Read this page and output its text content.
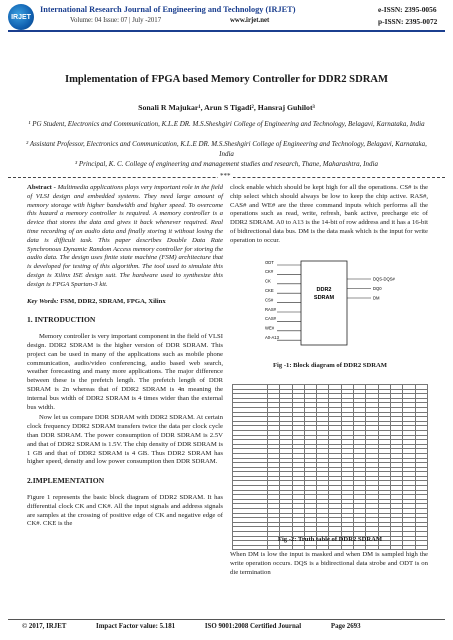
IRJET
International Research Journal of Engineering and Technology (IRJET)	e-ISSN: 2395-0056
Volume: 04 Issue: 07 | July -2017	www.irjet.net	p-ISSN: 2395-0072
Implementation of FPGA based Memory Controller for DDR2 SDRAM
Sonali R Majukar¹, Arun S Tigadi², Hansraj Guhilot³
¹ PG Student, Electronics and Communication, K.L.E DR. M.S.Sheshgiri College of Engineering and Technology, Belagavi, Karnataka, India
² Assistant Professor, Electronics and Communication, K.L.E DR. M.S.Sheshgiri College of Engineering and Technology, Belagavi, Karnataka, India
³ Principal, K. C. College of engineering and management studies and research, Thane, Maharashtra, India
***

Abstract - Multimedia applications plays very important role in the field of VLSI design and embedded systems. They need large amount of memory storage with higher bandwidth and higher speed. To overcome this hazard a memory controller is required. A memory controller is a device that stores the data and gives it back whenever required. Real time recording of an audio data and finally storing it without losing the data is difficult task. This paper describes Double Data Rate Synchronous Dynamic Random Access memory controller for storing the audio data. The design uses finite state machine (FSM) architecture that is developed for testing of this algorithm. The tool used to simulate this design is Xilinx ISE design suit. The hardware used to synthesize this design is FPGA Spartan-3 kit.

Key Words: FSM, DDR2, SDRAM, FPGA, Xilinx

1. INTRODUCTION

Memory controller is very important component in the field of VLSI design. DDR2 SDRAM is the higher version of DDR SDRAM. This project can be used in many of the applications such as mobile phone communication, audio/video conferencing, audio based web search, weather forecasting and many more applications. The major difference between these is the prefetch length. The prefetch length of DDR SDRAM is 2n whereas that of DDR2 SDRAM is 4n meaning the internal bus width of DDR2 SDRAM is 4 times wider than the external bus width.

Now let us compare DDR SDRAM with DDR2 SDRAM. At certain clock frequency DDR2 SDRAM transfers twice the data per clock cycle than DDR SDRAM. The power consumption of DDR SDRAM is 2.5V and that of DDR2 SDRAM is 1.5V. The chip density of DDR SDRAM is 1 GB and that of DDR2 SDRAM is 4 GB. Thus DDR2 SDRAM has higher speed, density and low power consumption then DDR SDRAM.

2.IMPLEMENTATION

Figure 1 represents the basic block diagram of DDR2 SDRAM. It has differential clock CK and CK#. All the input signals and address signals are samples at the crossing of positive edge of CK and negative edge of CK#. CKE is the

clock enable which should be kept high for all the operations. CS# is the chip select which should always be low to keep the chip active. RAS#, CAS# and WE# are the three command inputs which performs all the operations such as read, write, refresh, bank active, precharge etc of DDR2 SDRAM. A0 to A13 is the 14-bit of row address and it has a 16-bit of bidirectional data bus. DM is the data mask which is the input for write operation to occur.
DDR2
SDRAM
ODT
CK#
CK
CKE
CS#
RAS#
CAS#
WE#
A0-A13
DQS-DQS#
DQ0
DM
Fig -1: Block diagram of DDR2 SDRAM

Fig -2: Truth table of DDR2 SDRAM
When DM is low the input is masked and when DM is sampled high the write operation occurs. DQS is a bidirectional data strobe and ODT is on die termination
© 2017, IRJET	Impact Factor value: 5.181	ISO 9001:2008 Certified Journal	Page 2693
